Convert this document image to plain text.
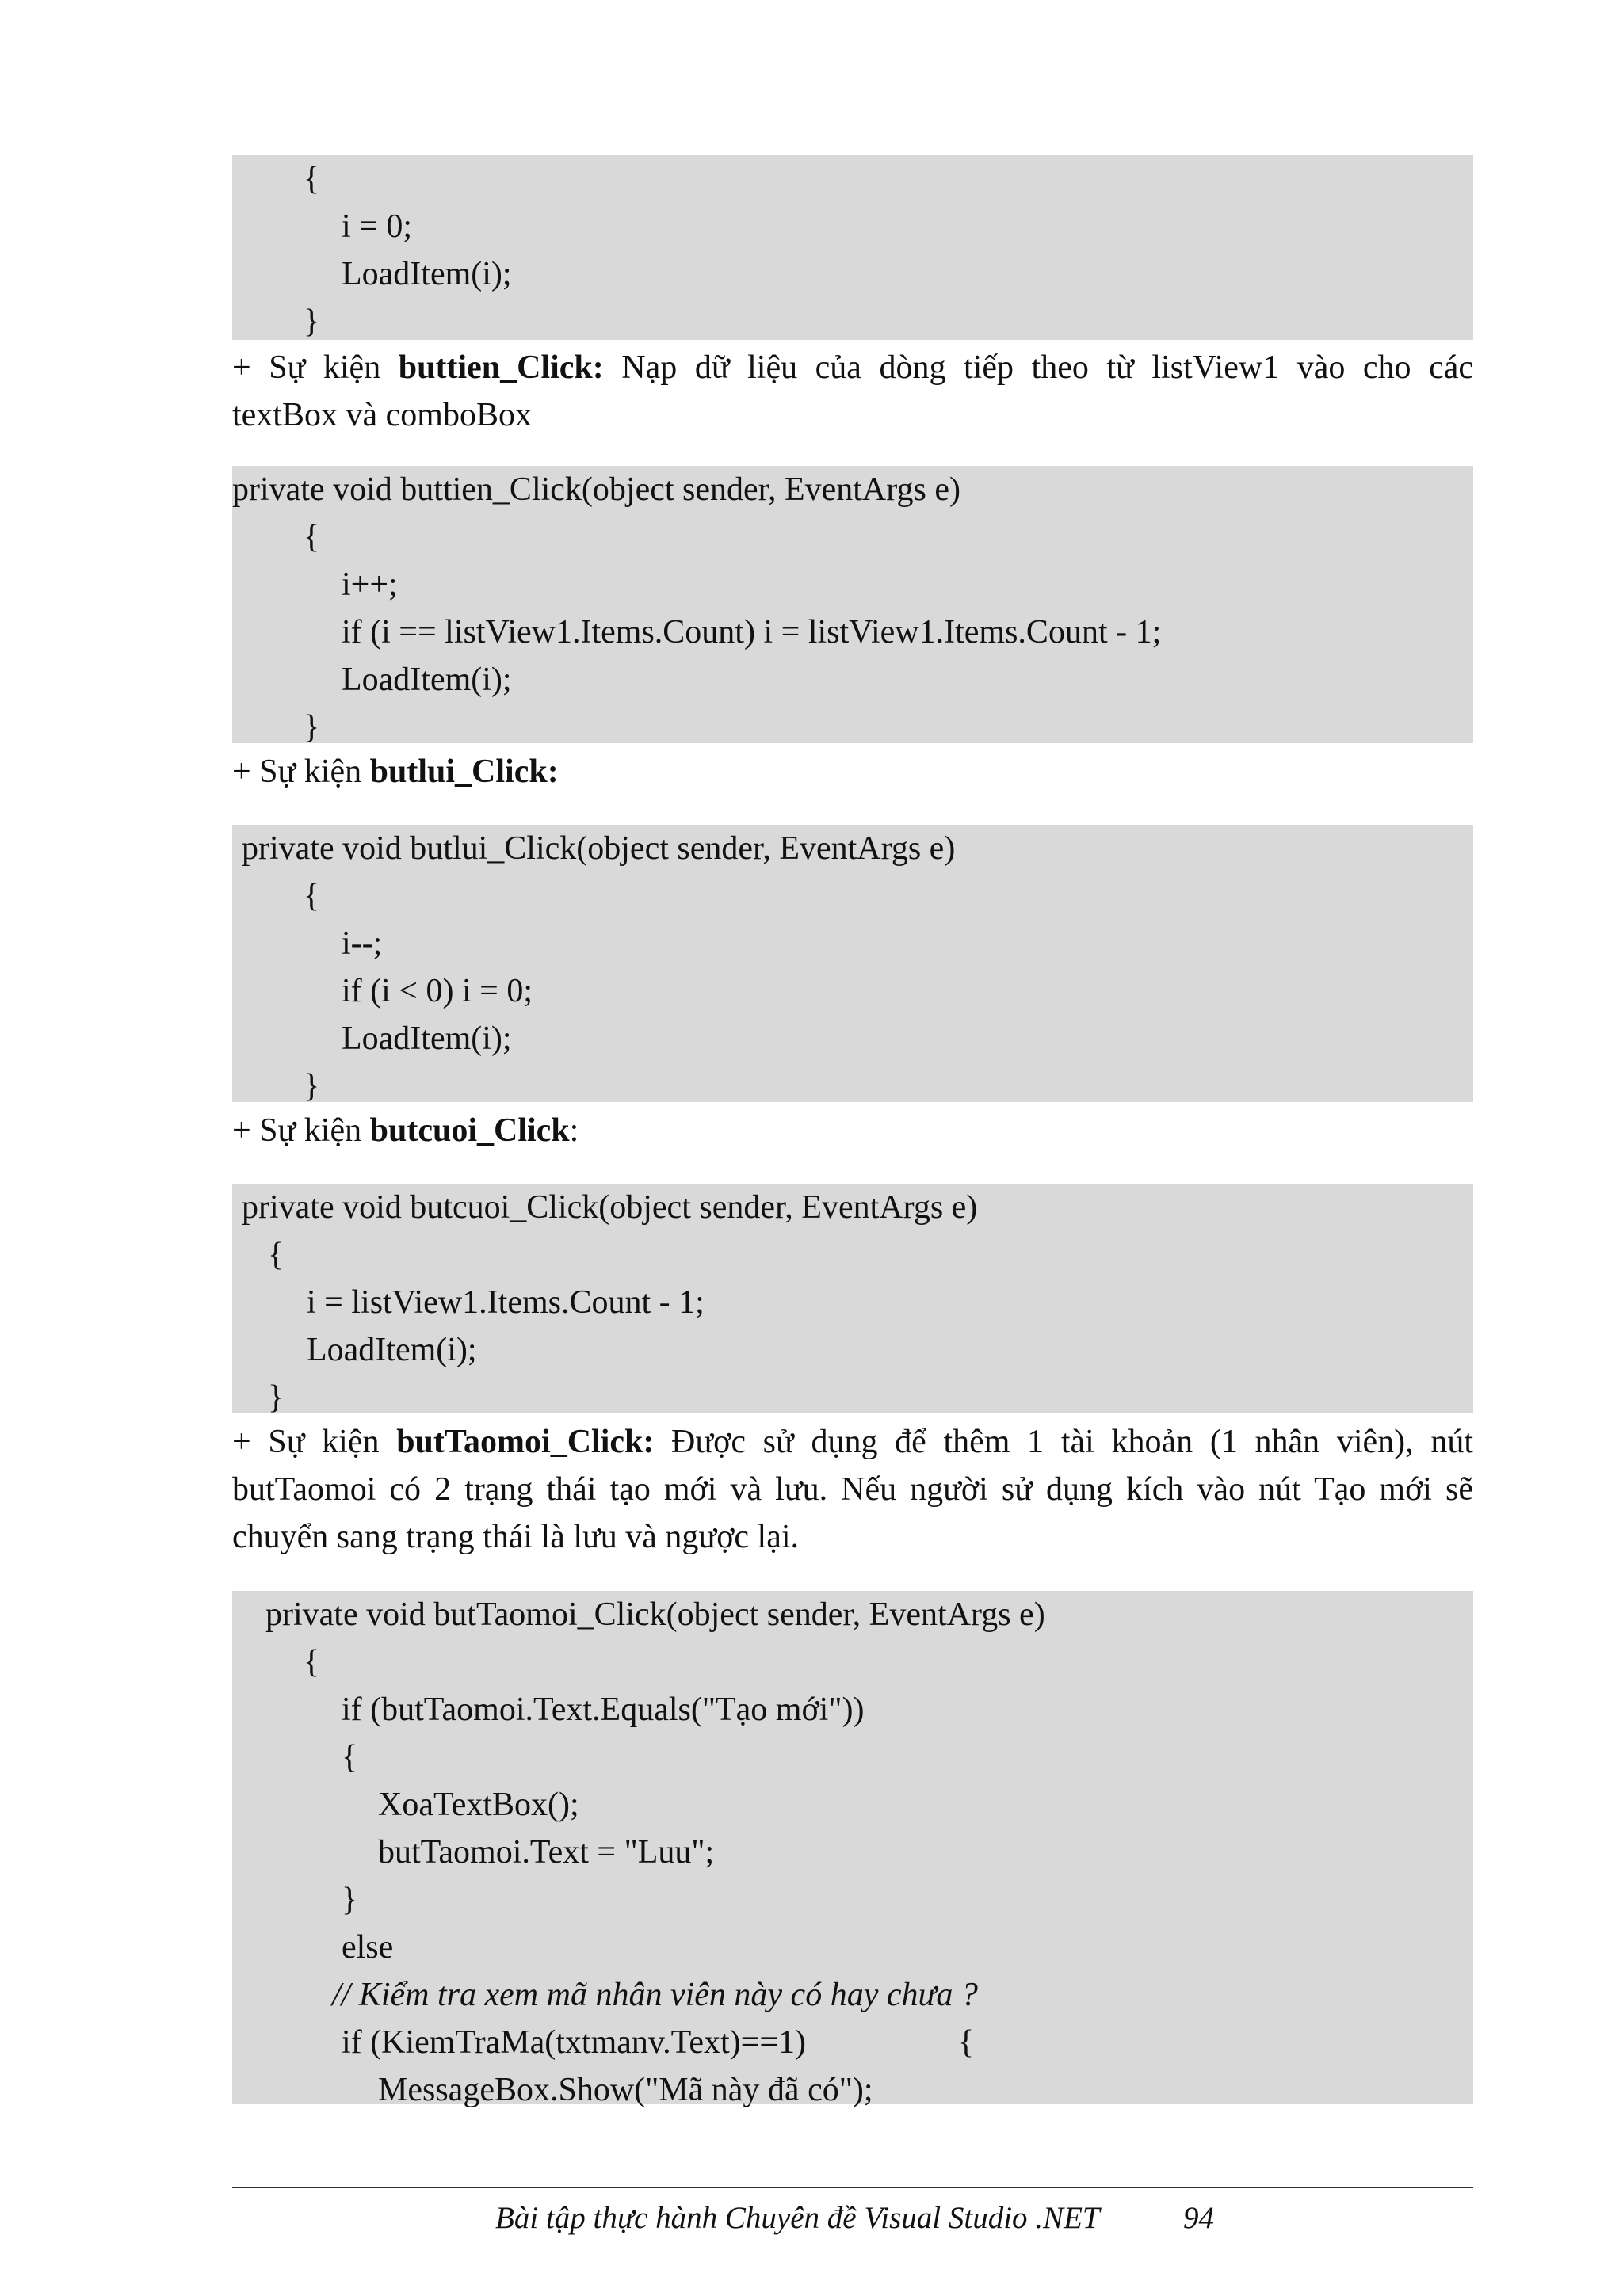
{
i = 0;
LoadItem(i);
}
+ Sự kiện buttien_Click: Nạp dữ liệu của dòng tiếp theo từ listView1 vào cho các
textBox và comboBox
private void buttien_Click(object sender, EventArgs e)
{
i++;
if (i == listView1.Items.Count) i = listView1.Items.Count - 1;
LoadItem(i);
}
+ Sự kiện butlui_Click:
private void butlui_Click(object sender, EventArgs e)
{
i--;
if (i < 0) i = 0;
LoadItem(i);
}
+ Sự kiện butcuoi_Click:
private void butcuoi_Click(object sender, EventArgs e)
{
i = listView1.Items.Count - 1;
LoadItem(i);
}
+ Sự kiện butTaomoi_Click: Được sử dụng để thêm 1 tài khoản (1 nhân viên), nút
butTaomoi có 2 trạng thái tạo mới và lưu. Nếu người sử dụng kích vào nút Tạo mới sẽ
chuyển sang trạng thái là lưu và ngược lại.
private void butTaomoi_Click(object sender, EventArgs e)
{
if (butTaomoi.Text.Equals("Tạo mới"))
{
XoaTextBox();
butTaomoi.Text = "Luu";
}
else
// Kiểm tra xem mã nhân viên này có hay chưa ?
if (KiemTraMa(txtmanv.Text)==1)	{
MessageBox.Show("Mã này đã có");
Bài tập thực hành Chuyên đề Visual Studio .NET	94
